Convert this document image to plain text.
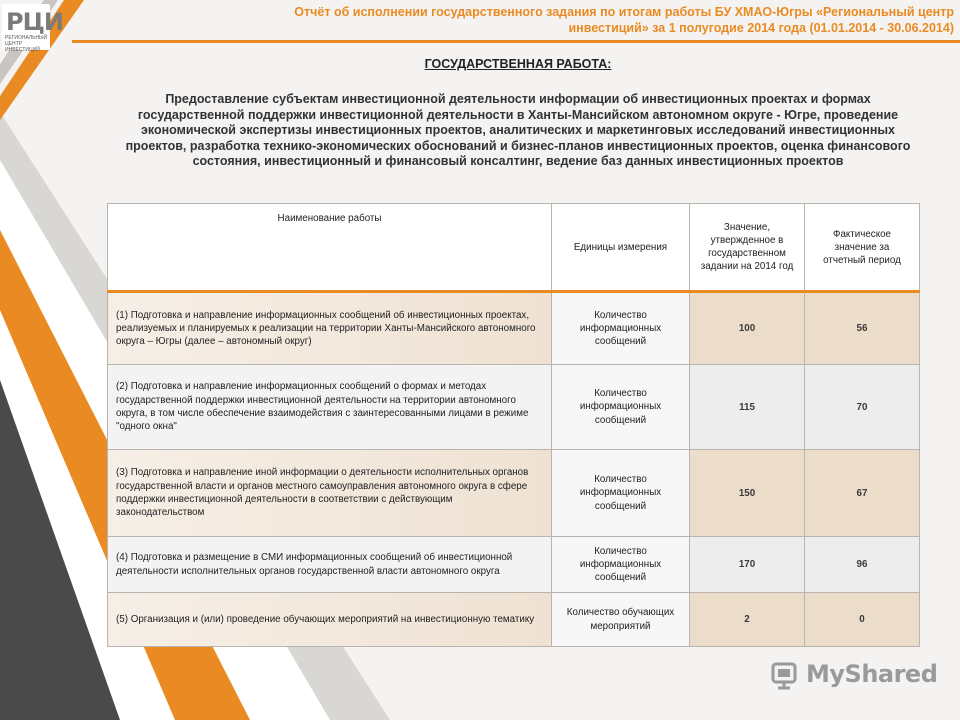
РЦИ
РЕГИОНАЛЬНЫЙ ЦЕНТР ИНВЕСТИЦИЙ
Отчёт об исполнении государственного задания по итогам работы БУ ХМАО-Югры «Региональный центр инвестиций» за 1 полугодие 2014 года (01.01.2014 - 30.06.2014)
ГОСУДАРСТВЕННАЯ РАБОТА:
Предоставление субъектам инвестиционной деятельности информации об инвестиционных проектах и формах государственной поддержки инвестиционной деятельности в Ханты-Мансийском автономном округе - Югре, проведение экономической экспертизы инвестиционных проектов, аналитических и маркетинговых исследований инвестиционных проектов, разработка технико-экономических обоснований и бизнес-планов инвестиционных проектов, оценка финансового состояния, инвестиционный и финансовый консалтинг, ведение баз данных инвестиционных проектов
Наименование работы	Единицы измерения	Значение, утвержденное в государственном задании на 2014 год	Фактическое значение за отчетный период
(1) Подготовка и направление информационных сообщений об инвестиционных проектах, реализуемых и планируемых к реализации на территории Ханты-Мансийского автономного округа – Югры (далее – автономный округ)	Количество информационных сообщений	100	56
(2) Подготовка и направление информационных сообщений о формах и методах государственной поддержки инвестиционной деятельности на территории автономного округа, в том числе обеспечение взаимодействия с заинтересованными лицами в режиме "одного окна"	Количество информационных сообщений	115	70
(3) Подготовка и направление иной информации о деятельности исполнительных органов государственной власти и органов местного самоуправления автономного округа в сфере поддержки инвестиционной деятельности в соответствии с действующим законодательством	Количество информационных сообщений	150	67
(4) Подготовка и размещение в СМИ информационных сообщений об инвестиционной деятельности исполнительных органов государственной власти автономного округа	Количество информационных сообщений	170	96
(5) Организация и (или) проведение обучающих мероприятий на инвестиционную тематику	Количество обучающих мероприятий	2	0
MyShared
